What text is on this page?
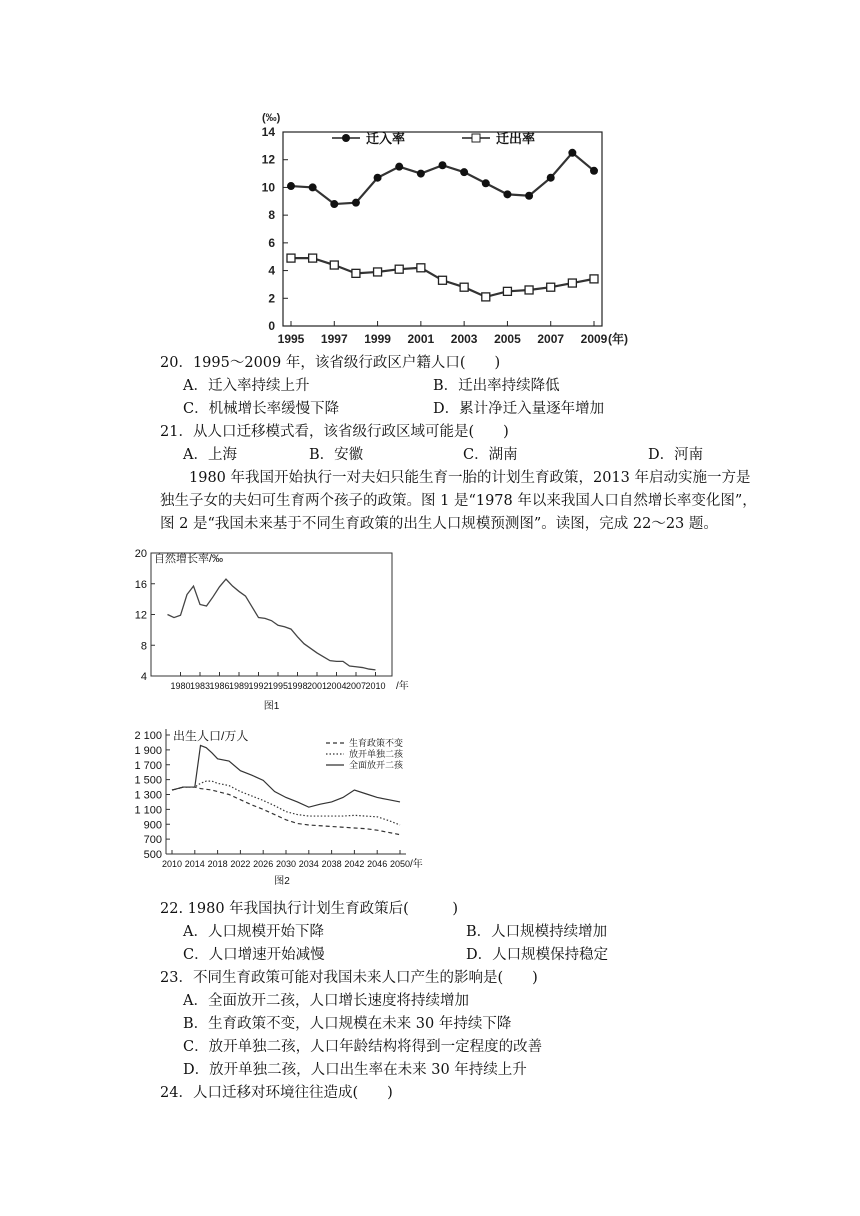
(‰)
0
2
4
6
8
10
12
14
1995 1997 1999 2001 2003 2005 2007 2009 (年)
迁入率	迁出率
20．1995～2009 年，该省级行政区户籍人口(　　)
A．迁入率持续上升	B．迁出率持续降低
C．机械增长率缓慢下降	D．累计净迁入量逐年增加
21．从人口迁移模式看，该省级行政区域可能是(　　)
A．上海	B．安徽	C．湖南	D．河南

1980 年我国开始执行一对夫妇只能生育一胎的计划生育政策，2013 年启动实施一方是

独生子女的夫妇可生育两个孩子的政策。图 1 是“1978 年以来我国人口自然增长率变化图”，

图 2 是“我国未来基于不同生育政策的出生人口规模预测图”。读图，完成 22～23 题。

自然增长率/‰
4
8
12
16
20
1980 1983 1986 1989 1992 1995 1998 2001 2004 2007 2010 /年
图1
出生人口/万人
500
700
900
1 100
1 300
1 500
1 700
1 900
2 100
2010 2014 2018 2022 2026 2030 2034 2038 2042 2046 2050 /年
生育政策不变
放开单独二孩
全面放开二孩
图2
22. 1980 年我国执行计划生育政策后(　　　)
A．人口规模开始下降	B．人口规模持续增加
C．人口增速开始减慢	D．人口规模保持稳定
23．不同生育政策可能对我国未来人口产生的影响是(　　)
A．全面放开二孩，人口增长速度将持续增加
B．生育政策不变，人口规模在未来 30 年持续下降
C．放开单独二孩，人口年龄结构将得到一定程度的改善
D．放开单独二孩，人口出生率在未来 30 年持续上升
24．人口迁移对环境往往造成(　　)
